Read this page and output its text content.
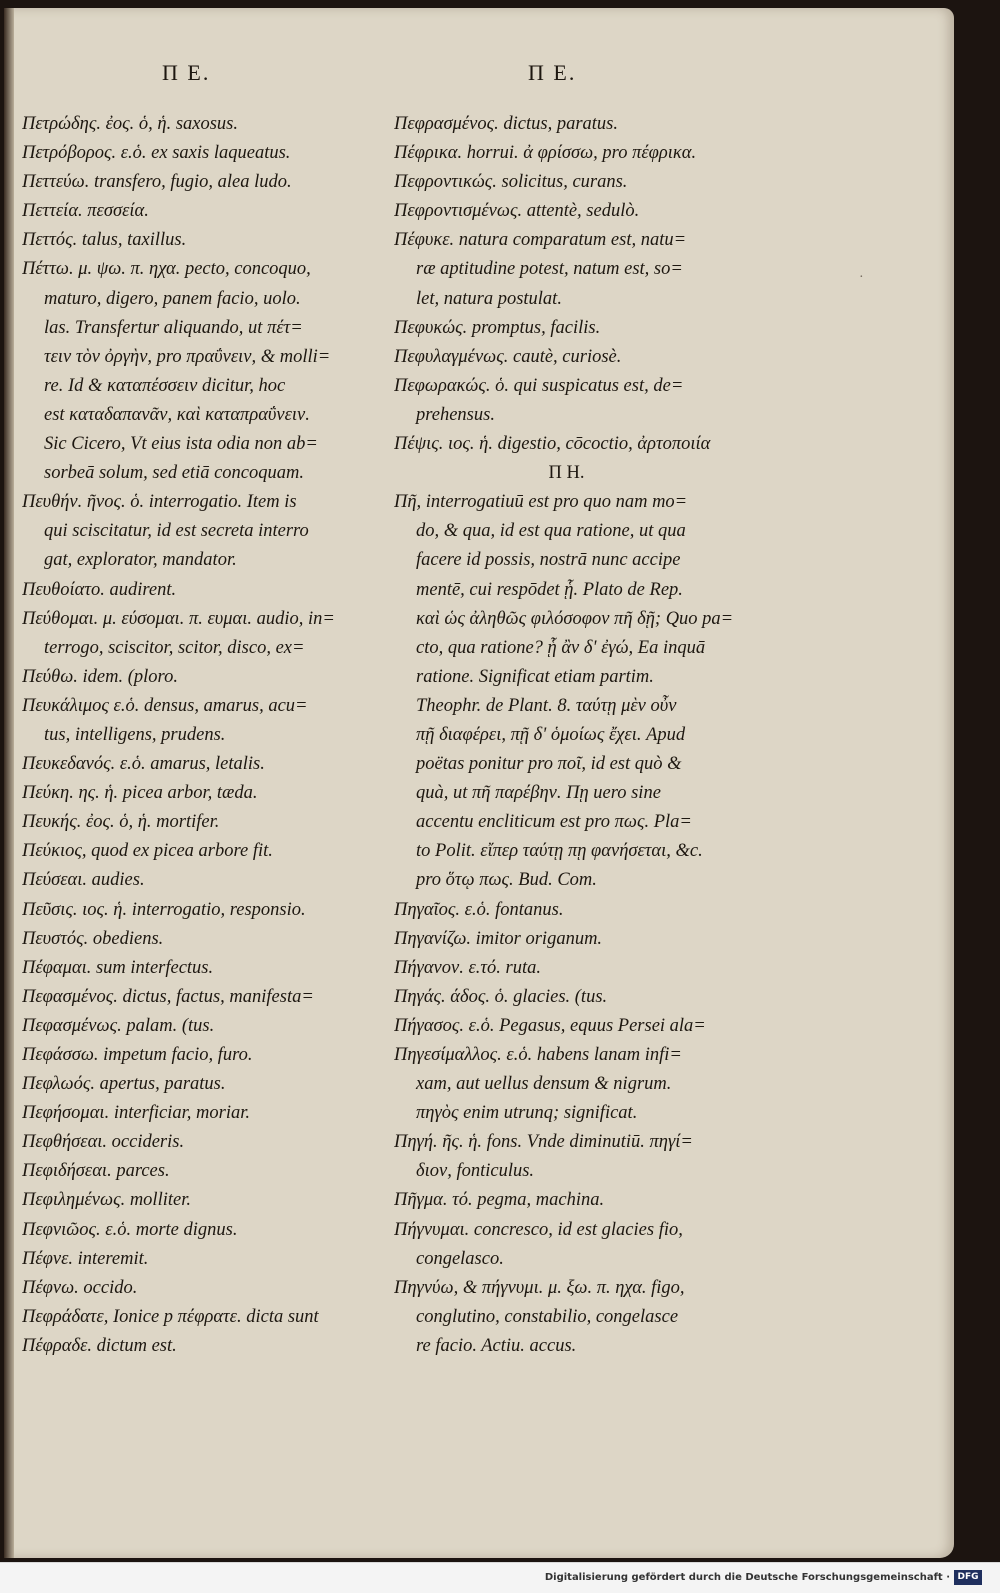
Π Ε.	Π Ε.
Πετρώδης. ἐος. ὁ, ἡ. saxosus.
Πετρόβορος. ε.ὁ. ex saxis laqueatus.
Πεττεύω. transfero, fugio, alea ludo.
Πεττεία. πεσσεία.
Πεττός. talus, taxillus.
Πέττω. μ. ψω. π. ηχα. pecto, concoquo,
maturo, digero, panem facio, uolo.
las. Transfertur aliquando, ut πέτ=
τειν τὸν ὀργὴν, pro πραΰνειν, & molli=
re. Id & καταπέσσειν dicitur, hoc
est καταδαπανᾶν, καὶ καταπραΰνειν.
Sic Cicero, Vt eius ista odia non ab=
sorbeā solum, sed etiā concoquam.
Πευθήν. ῆνος. ὁ. interrogatio. Item is
qui sciscitatur, id est secreta interro
gat, explorator, mandator.
Πευθοίατο. audirent.
Πεύθομαι. μ. εύσομαι. π. ευμαι. audio, in=
terrogo, sciscitor, scitor, disco, ex=
Πεύθω. idem. (ploro.
Πευκάλιμος ε.ὁ. densus, amarus, acu=
tus, intelligens, prudens.
Πευκεδανός. ε.ὁ. amarus, letalis.
Πεύκη. ης. ἡ. picea arbor, tæda.
Πευκής. ἐος. ὁ, ἡ. mortifer.
Πεύκιος, quod ex picea arbore fit.
Πεύσεαι. audies.
Πεῦσις. ιος. ἡ. interrogatio, responsio.
Πευστός. obediens.
Πέφαμαι. sum interfectus.
Πεφασμένος. dictus, factus, manifesta=
Πεφασμένως. palam. (tus.
Πεφάσσω. impetum facio, furo.
Πεφλωός. apertus, paratus.
Πεφήσομαι. interficiar, moriar.
Πεφθήσεαι. occideris.
Πεφιδήσεαι. parces.
Πεφιλημένως. molliter.
Πεφνιῶος. ε.ὁ. morte dignus.
Πέφνε. interemit.
Πέφνω. occido.
Πεφράδατε, Ionice p πέφρατε. dicta sunt
Πέφραδε. dictum est.
Πεφρασμένος. dictus, paratus.
Πέφρικα. horrui. ἀ φρίσσω, pro πέφρικα.
Πεφροντικώς. solicitus, curans.
Πεφροντισμένως. attentè, sedulò.
Πέφυκε. natura comparatum est, natu=
ræ aptitudine potest, natum est, so=
let, natura postulat.
Πεφυκώς. promptus, facilis.
Πεφυλαγμένως. cautè, curiosè.
Πεφωρακώς. ὁ. qui suspicatus est, de=
prehensus.
Πέψις. ιος. ἡ. digestio, cōcoctio, ἀρτοποιία
Π Η.
Πῆ, interrogatiuū est pro quo nam mo=
do, & qua, id est qua ratione, ut qua
facere id possis, nostrā nunc accipe
mentē, cui respōdet ᾗ. Plato de Rep.
καὶ ὡς ἀληθῶς φιλόσοφον πῆ δῇ; Quo pa=
cto, qua ratione? ᾗ ἂν δ' ἐγώ, Ea inquā
ratione. Significat etiam partim.
Theophr. de Plant. 8. ταύτῃ μὲν οὖν
πῇ διαφέρει, πῇ δ' ὁμοίως ἔχει. Apud
poëtas ponitur pro ποῖ, id est quò &
quà, ut πῆ παρέβην. Πῃ uero sine
accentu encliticum est pro πως. Pla=
to Polit. εἴπερ ταύτῃ πῃ φανήσεται, &c.
pro ὅτῳ πως. Bud. Com.
Πηγαῖος. ε.ὁ. fontanus.
Πηγανίζω. imitor origanum.
Πήγανον. ε.τό. ruta.
Πηγάς. άδος. ὁ. glacies. (tus.
Πήγασος. ε.ὁ. Pegasus, equus Persei ala=
Πηγεσίμαλλος. ε.ὁ. habens lanam infi=
xam, aut uellus densum & nigrum.
πηγὸς enim utrunq; significat.
Πηγή. ῆς. ἡ. fons. Vnde diminutiū. πηγί=
διον, fonticulus.
Πῆγμα. τό. pegma, machina.
Πήγνυμαι. concresco, id est glacies fio,
congelasco.
Πηγνύω, & πήγνυμι. μ. ξω. π. ηχα. figo,
conglutino, constabilio, congelasce
re facio. Actiu. accus.
·
Digitalisierung gefördert durch die Deutsche Forschungsgemeinschaft · DFG
